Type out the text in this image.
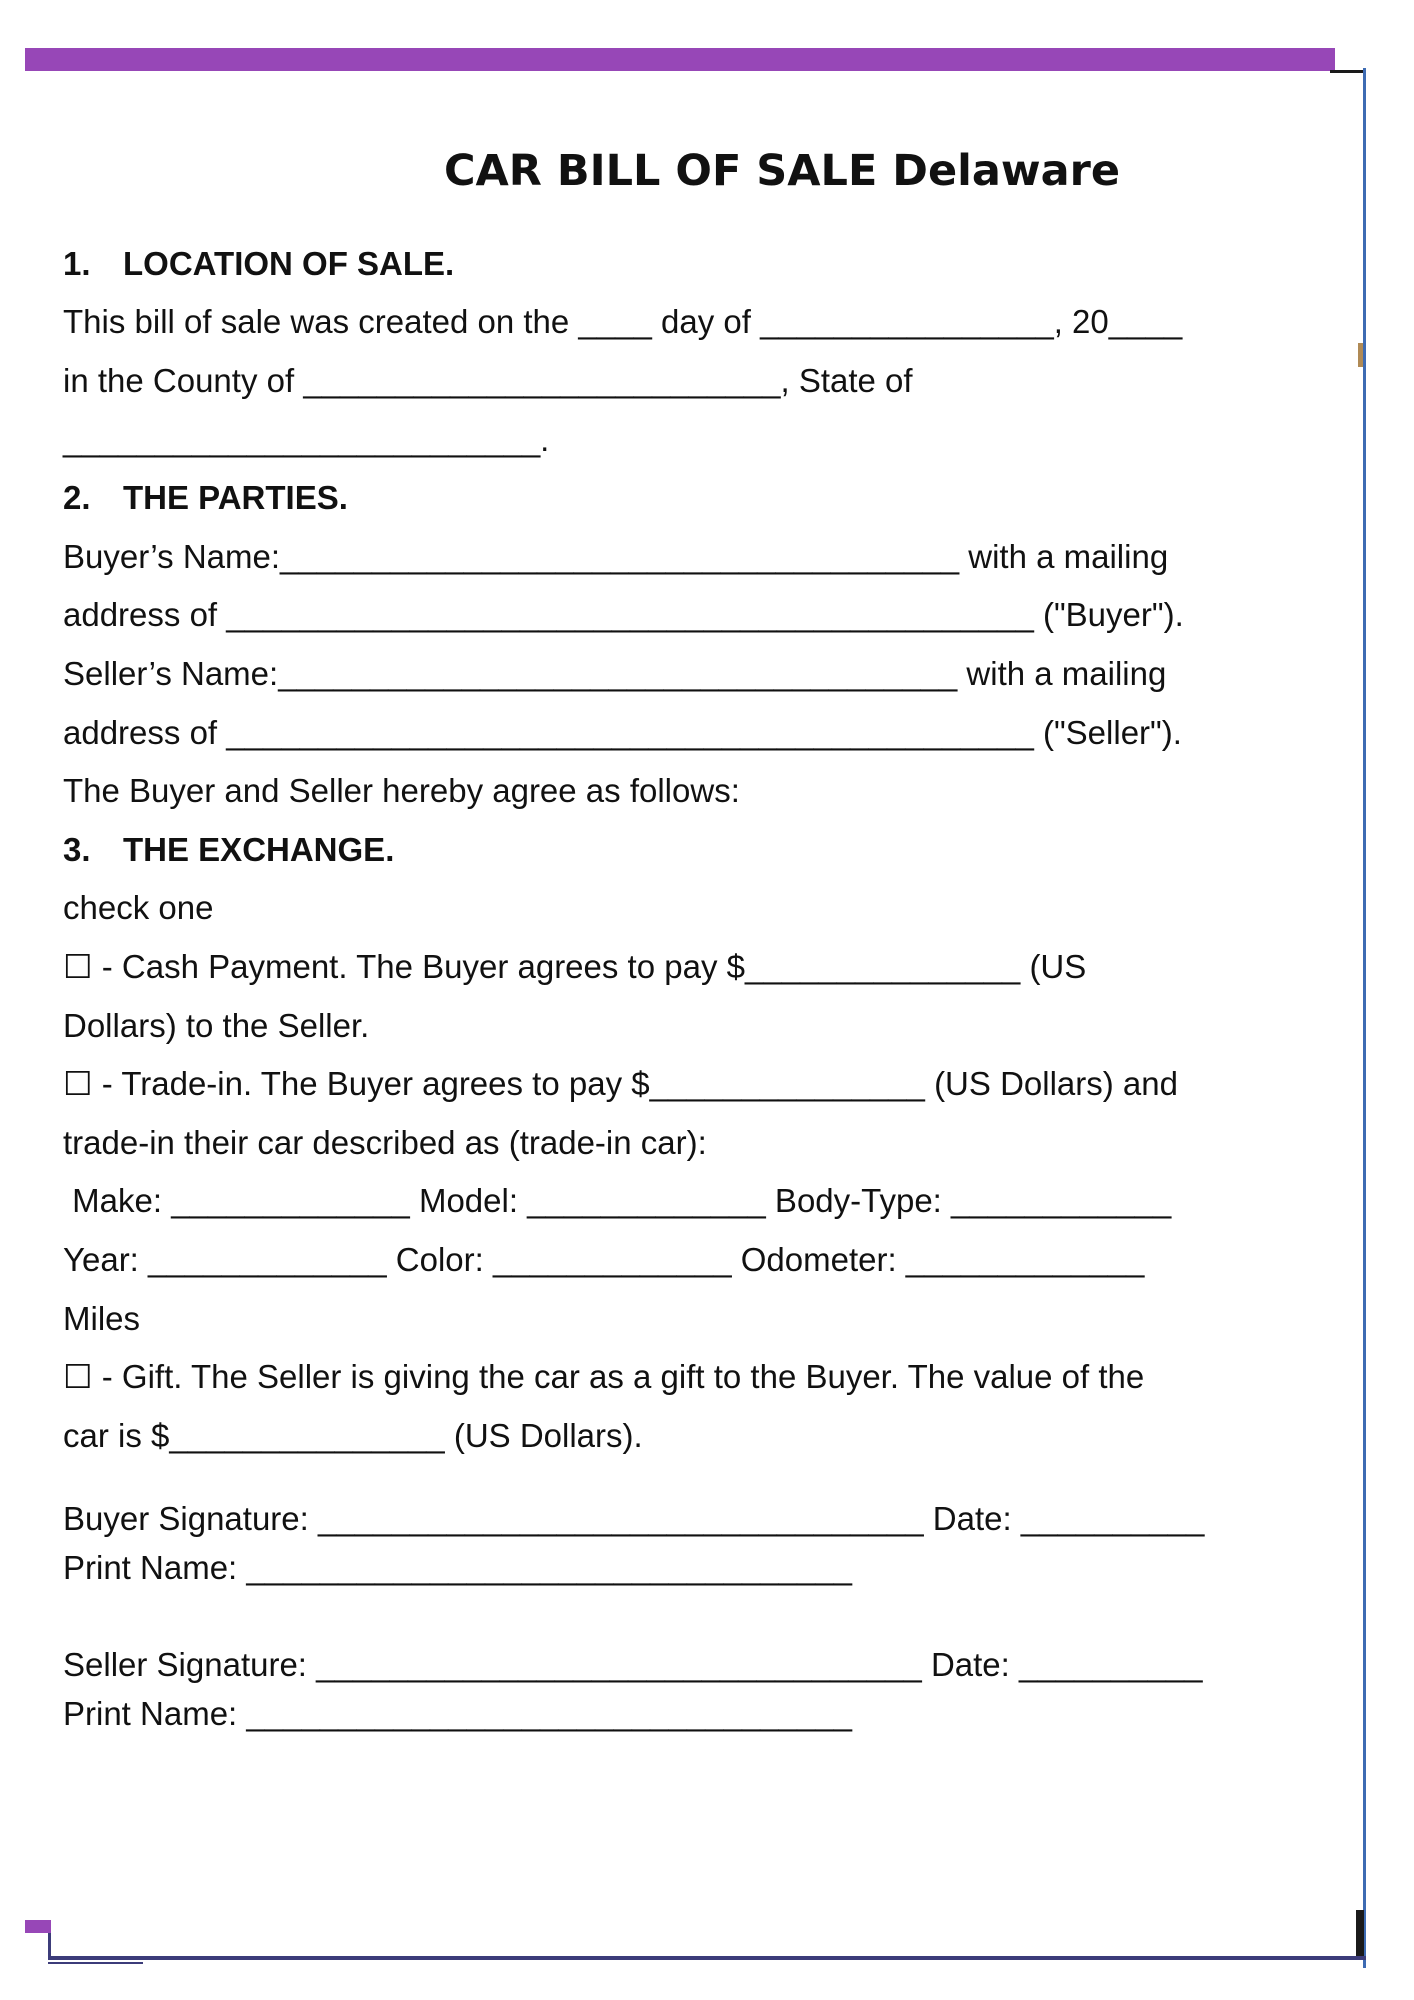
CAR BILL OF SALE Delaware
1. LOCATION OF SALE.
This bill of sale was created on the ____ day of ________________, 20____
in the County of __________________________, State of
__________________________.
2. THE PARTIES.
Buyer’s Name:_____________________________________ with a mailing
address of ____________________________________________ ("Buyer").
Seller’s Name:_____________________________________ with a mailing
address of ____________________________________________ ("Seller").
The Buyer and Seller hereby agree as follows:
3. THE EXCHANGE.
check one
☐ - Cash Payment. The Buyer agrees to pay $_______________ (US
Dollars) to the Seller.
☐ - Trade-in. The Buyer agrees to pay $_______________ (US Dollars) and
trade-in their car described as (trade-in car):
Make: _____________ Model: _____________ Body-Type: ____________
Year: _____________ Color: _____________ Odometer: _____________
Miles
☐ - Gift. The Seller is giving the car as a gift to the Buyer. The value of the
car is $_______________ (US Dollars).
Buyer Signature: _________________________________ Date: __________
Print Name: _________________________________
Seller Signature: _________________________________ Date: __________
Print Name: _________________________________
